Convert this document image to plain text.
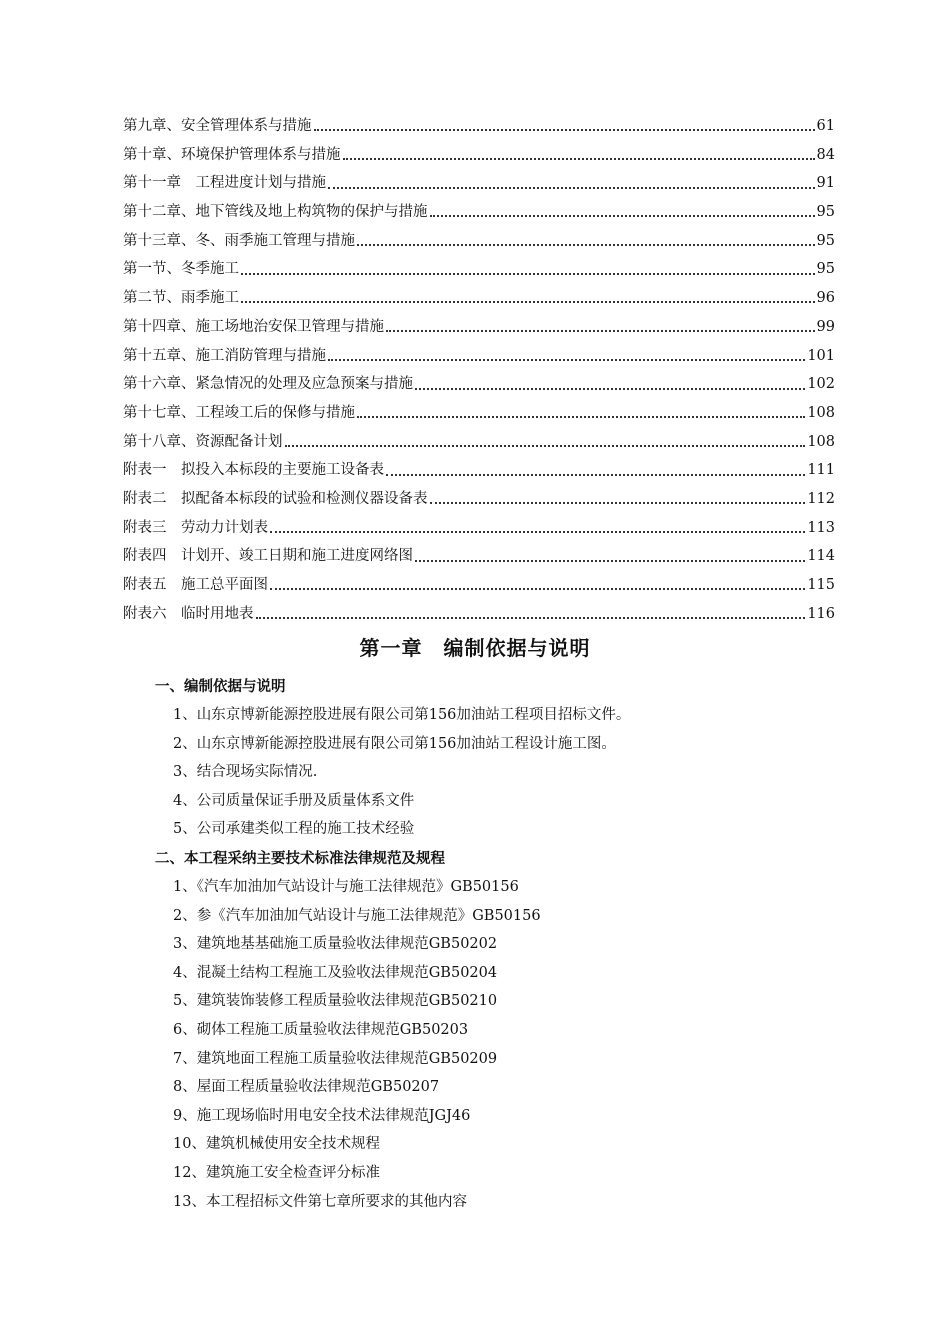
第九章、安全管理体系与措施	61
第十章、环境保护管理体系与措施	84
第十一章　工程进度计划与措施	91
第十二章、地下管线及地上构筑物的保护与措施	95
第十三章、冬、雨季施工管理与措施	95
第一节、冬季施工	95
第二节、雨季施工	96
第十四章、施工场地治安保卫管理与措施	99
第十五章、施工消防管理与措施	101
第十六章、紧急情况的处理及应急预案与措施	102
第十七章、工程竣工后的保修与措施	108
第十八章、资源配备计划	108
附表一　拟投入本标段的主要施工设备表	111
附表二　拟配备本标段的试验和检测仪器设备表	112
附表三　劳动力计划表	113
附表四　计划开、竣工日期和施工进度网络图	114
附表五　施工总平面图	115
附表六　临时用地表	116
第一章　编制依据与说明
一、编制依据与说明
1、山东京博新能源控股进展有限公司第156加油站工程项目招标文件。
2、山东京博新能源控股进展有限公司第156加油站工程设计施工图。
3、结合现场实际情况.
4、公司质量保证手册及质量体系文件
5、公司承建类似工程的施工技术经验
二、本工程采纳主要技术标准法律规范及规程
1、《汽车加油加气站设计与施工法律规范》GB50156
2、参《汽车加油加气站设计与施工法律规范》GB50156
3、建筑地基基础施工质量验收法律规范GB50202
4、混凝土结构工程施工及验收法律规范GB50204
5、建筑装饰装修工程质量验收法律规范GB50210
6、砌体工程施工质量验收法律规范GB50203
7、建筑地面工程施工质量验收法律规范GB50209
8、屋面工程质量验收法律规范GB50207
9、施工现场临时用电安全技术法律规范JGJ46
10、建筑机械使用安全技术规程
12、建筑施工安全检查评分标准
13、本工程招标文件第七章所要求的其他内容
